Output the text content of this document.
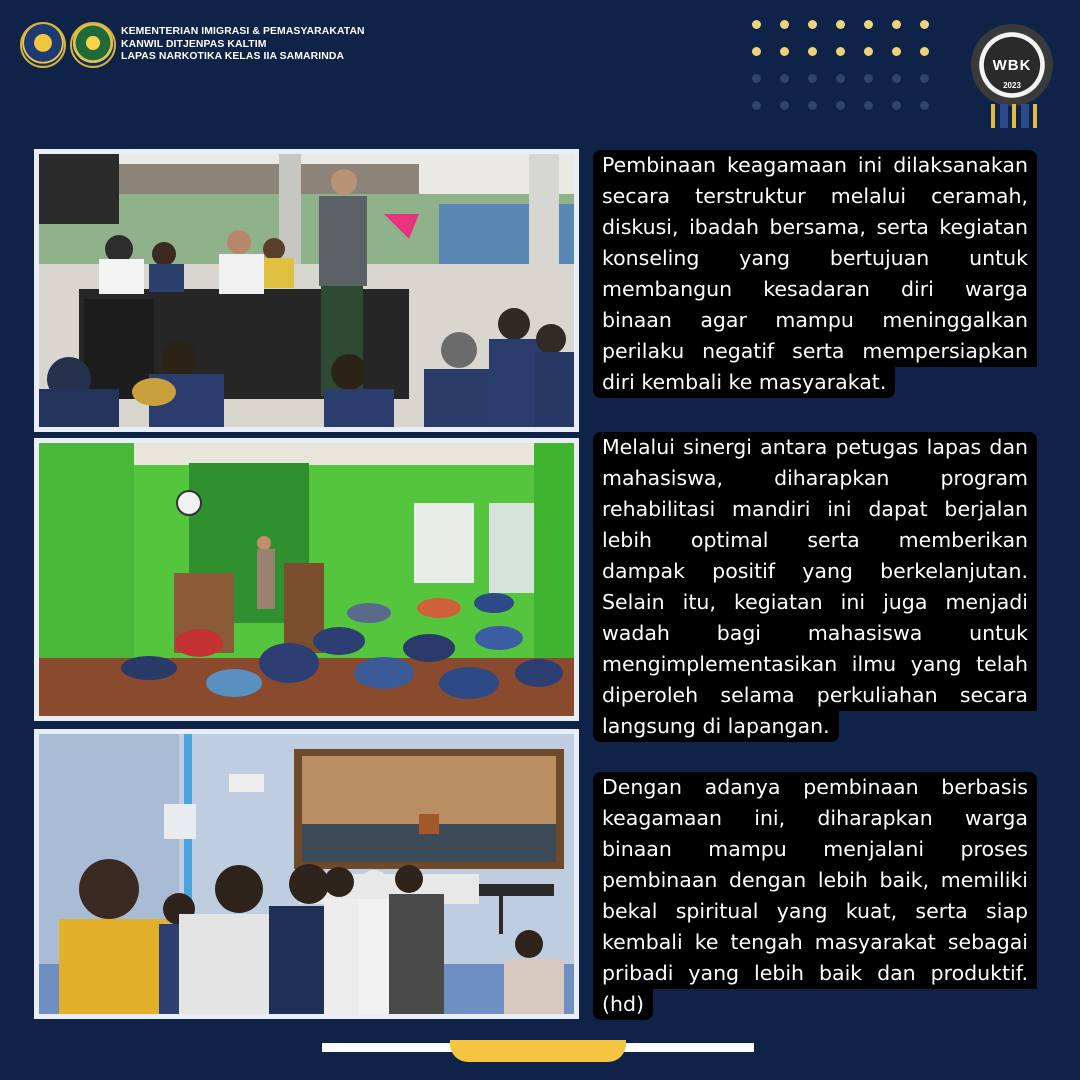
KEMENTERIAN IMIGRASI & PEMASYARAKATAN
KANWIL DITJENPAS KALTIM
LAPAS NARKOTIKA KELAS IIA SAMARINDA	WBK
2023
Pembinaan keagamaan ini dilaksanakan
secara terstruktur melalui ceramah,
diskusi, ibadah bersama, serta kegiatan
konseling yang bertujuan untuk
membangun kesadaran diri warga
binaan agar mampu meninggalkan
perilaku negatif serta mempersiapkan
diri kembali ke masyarakat.
Melalui sinergi antara petugas lapas dan
mahasiswa, diharapkan program
rehabilitasi mandiri ini dapat berjalan
lebih optimal serta memberikan
dampak positif yang berkelanjutan.
Selain itu, kegiatan ini juga menjadi
wadah bagi mahasiswa untuk
mengimplementasikan ilmu yang telah
diperoleh selama perkuliahan secara
langsung di lapangan.
Dengan adanya pembinaan berbasis
keagamaan ini, diharapkan warga
binaan mampu menjalani proses
pembinaan dengan lebih baik, memiliki
bekal spiritual yang kuat, serta siap
kembali ke tengah masyarakat sebagai
pribadi yang lebih baik dan produktif.
(hd)
